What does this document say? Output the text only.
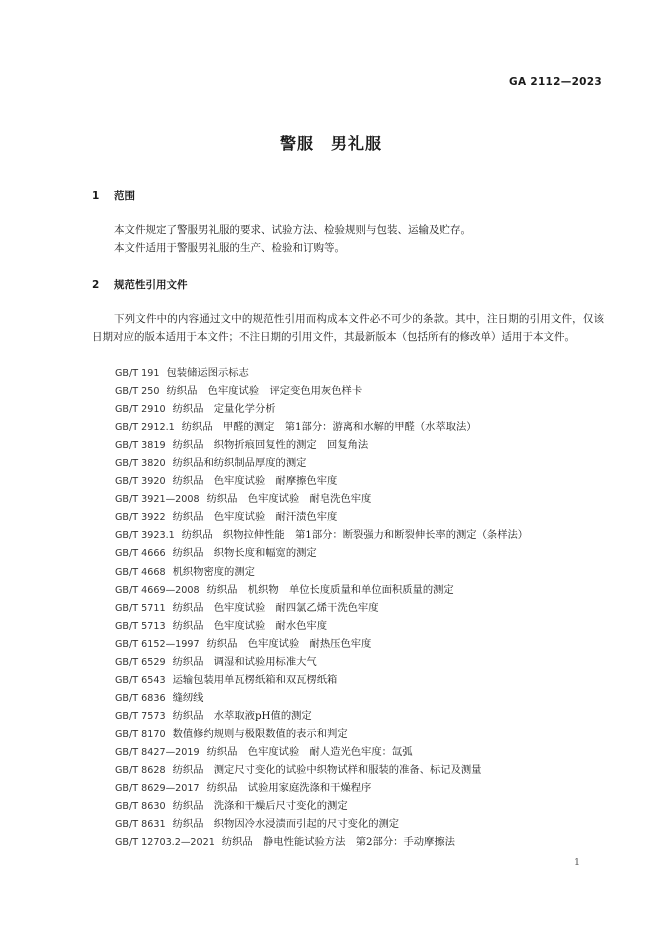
GA 2112—2023
警服　男礼服
1 范围
本文件规定了警服男礼服的要求、试验方法、检验规则与包装、运输及贮存。
本文件适用于警服男礼服的生产、检验和订购等。
2 规范性引用文件
下列文件中的内容通过文中的规范性引用而构成本文件必不可少的条款。其中，注日期的引用文件，仅该日期对应的版本适用于本文件；不注日期的引用文件，其最新版本（包括所有的修改单）适用于本文件。
GB/T 191 包装储运图示标志
GB/T 250 纺织品　色牢度试验　评定变色用灰色样卡
GB/T 2910 纺织品　定量化学分析
GB/T 2912.1 纺织品　甲醛的测定　第1部分：游离和水解的甲醛（水萃取法）
GB/T 3819 纺织品　织物折痕回复性的测定　回复角法
GB/T 3820 纺织品和纺织制品厚度的测定
GB/T 3920 纺织品　色牢度试验　耐摩擦色牢度
GB/T 3921—2008 纺织品　色牢度试验　耐皂洗色牢度
GB/T 3922 纺织品　色牢度试验　耐汗渍色牢度
GB/T 3923.1 纺织品　织物拉伸性能　第1部分：断裂强力和断裂伸长率的测定（条样法）
GB/T 4666 纺织品　织物长度和幅宽的测定
GB/T 4668 机织物密度的测定
GB/T 4669—2008 纺织品　机织物　单位长度质量和单位面积质量的测定
GB/T 5711 纺织品　色牢度试验　耐四氯乙烯干洗色牢度
GB/T 5713 纺织品　色牢度试验　耐水色牢度
GB/T 6152—1997 纺织品　色牢度试验　耐热压色牢度
GB/T 6529 纺织品　调湿和试验用标准大气
GB/T 6543 运输包装用单瓦楞纸箱和双瓦楞纸箱
GB/T 6836 缝纫线
GB/T 7573 纺织品　水萃取液pH值的测定
GB/T 8170 数值修约规则与极限数值的表示和判定
GB/T 8427—2019 纺织品　色牢度试验　耐人造光色牢度：氙弧
GB/T 8628 纺织品　测定尺寸变化的试验中织物试样和服装的准备、标记及测量
GB/T 8629—2017 纺织品　试验用家庭洗涤和干燥程序
GB/T 8630 纺织品　洗涤和干燥后尺寸变化的测定
GB/T 8631 纺织品　织物因冷水浸渍而引起的尺寸变化的测定
GB/T 12703.2—2021 纺织品　静电性能试验方法　第2部分：手动摩擦法
1
